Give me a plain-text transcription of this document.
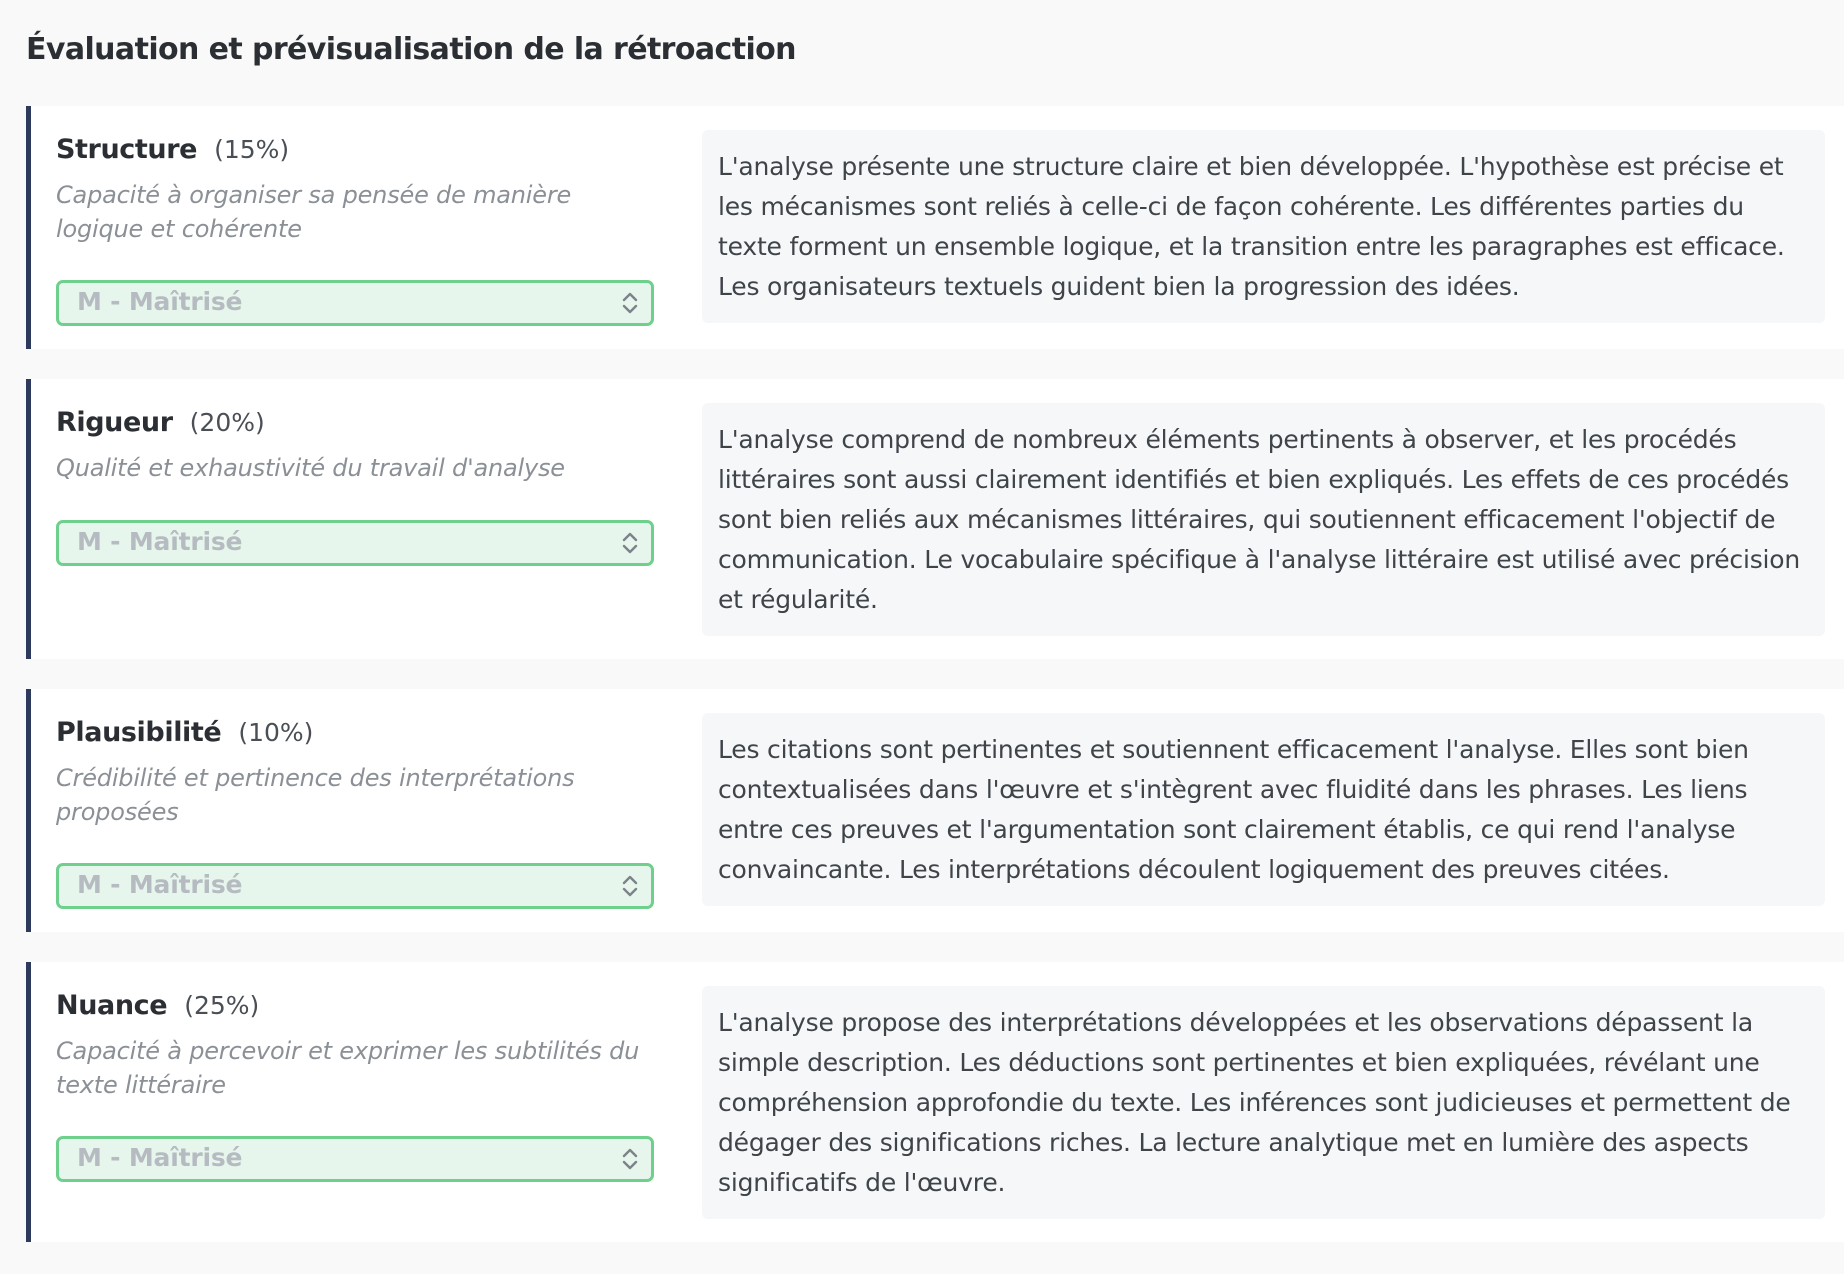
Évaluation et prévisualisation de la rétroaction
Structure (15%)
Capacité à organiser sa pensée de manière logique et cohérente
M - Maîtrisé
L'analyse présente une structure claire et bien développée. L'hypothèse est précise et les mécanismes sont reliés à celle-ci de façon cohérente. Les différentes parties du texte forment un ensemble logique, et la transition entre les paragraphes est efficace. Les organisateurs textuels guident bien la progression des idées.
Rigueur (20%)
Qualité et exhaustivité du travail d'analyse
M - Maîtrisé
L'analyse comprend de nombreux éléments pertinents à observer, et les procédés littéraires sont aussi clairement identifiés et bien expliqués. Les effets de ces procédés sont bien reliés aux mécanismes littéraires, qui soutiennent efficacement l'objectif de communication. Le vocabulaire spécifique à l'analyse littéraire est utilisé avec précision et régularité.
Plausibilité (10%)
Crédibilité et pertinence des interprétations proposées
M - Maîtrisé
Les citations sont pertinentes et soutiennent efficacement l'analyse. Elles sont bien contextualisées dans l'œuvre et s'intègrent avec fluidité dans les phrases. Les liens entre ces preuves et l'argumentation sont clairement établis, ce qui rend l'analyse convaincante. Les interprétations découlent logiquement des preuves citées.
Nuance (25%)
Capacité à percevoir et exprimer les subtilités du texte littéraire
M - Maîtrisé
L'analyse propose des interprétations développées et les observations dépassent la simple description. Les déductions sont pertinentes et bien expliquées, révélant une compréhension approfondie du texte. Les inférences sont judicieuses et permettent de dégager des significations riches. La lecture analytique met en lumière des aspects significatifs de l'œuvre.
